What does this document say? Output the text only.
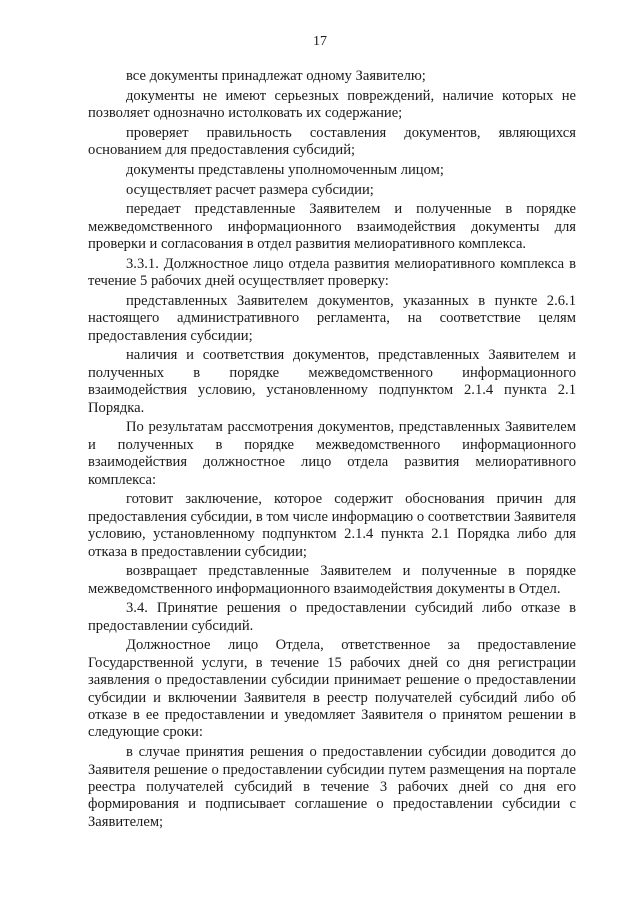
17

все документы принадлежат одному Заявителю;

документы не имеют серьезных повреждений, наличие которых не позволяет однозначно истолковать их содержание;

проверяет правильность составления документов, являющихся основанием для предоставления субсидий;

документы представлены уполномоченным лицом;

осуществляет расчет размера субсидии;

передает представленные Заявителем и полученные в порядке межведомственного информационного взаимодействия документы для проверки и согласования в отдел развития мелиоративного комплекса.

3.3.1. Должностное лицо отдела развития мелиоративного комплекса в течение 5 рабочих дней осуществляет проверку:

представленных Заявителем документов, указанных в пункте 2.6.1 настоящего административного регламента, на соответствие целям предоставления субсидии;

наличия и соответствия документов, представленных Заявителем и полученных в порядке межведомственного информационного взаимодействия условию, установленному подпунктом 2.1.4 пункта 2.1 Порядка.

По результатам рассмотрения документов, представленных Заявителем и полученных в порядке межведомственного информационного взаимодействия должностное лицо отдела развития мелиоративного комплекса:

готовит заключение, которое содержит обоснования причин для предоставления субсидии, в том числе информацию о соответствии Заявителя условию, установленному подпунктом 2.1.4 пункта 2.1 Порядка либо для отказа в предоставлении субсидии;

возвращает представленные Заявителем и полученные в порядке межведомственного информационного взаимодействия документы в Отдел.

3.4. Принятие решения о предоставлении субсидий либо отказе в предоставлении субсидий.

Должностное лицо Отдела, ответственное за предоставление Государственной услуги, в течение 15 рабочих дней со дня регистрации заявления о предоставлении субсидии принимает решение о предоставлении субсидии и включении Заявителя в реестр получателей субсидий либо об отказе в ее предоставлении и уведомляет Заявителя о принятом решении в следующие сроки:

в случае принятия решения о предоставлении субсидии доводится до Заявителя решение о предоставлении субсидии путем размещения на портале реестра получателей субсидий в течение 3 рабочих дней со дня его формирования и подписывает соглашение о предоставлении субсидии с Заявителем;
